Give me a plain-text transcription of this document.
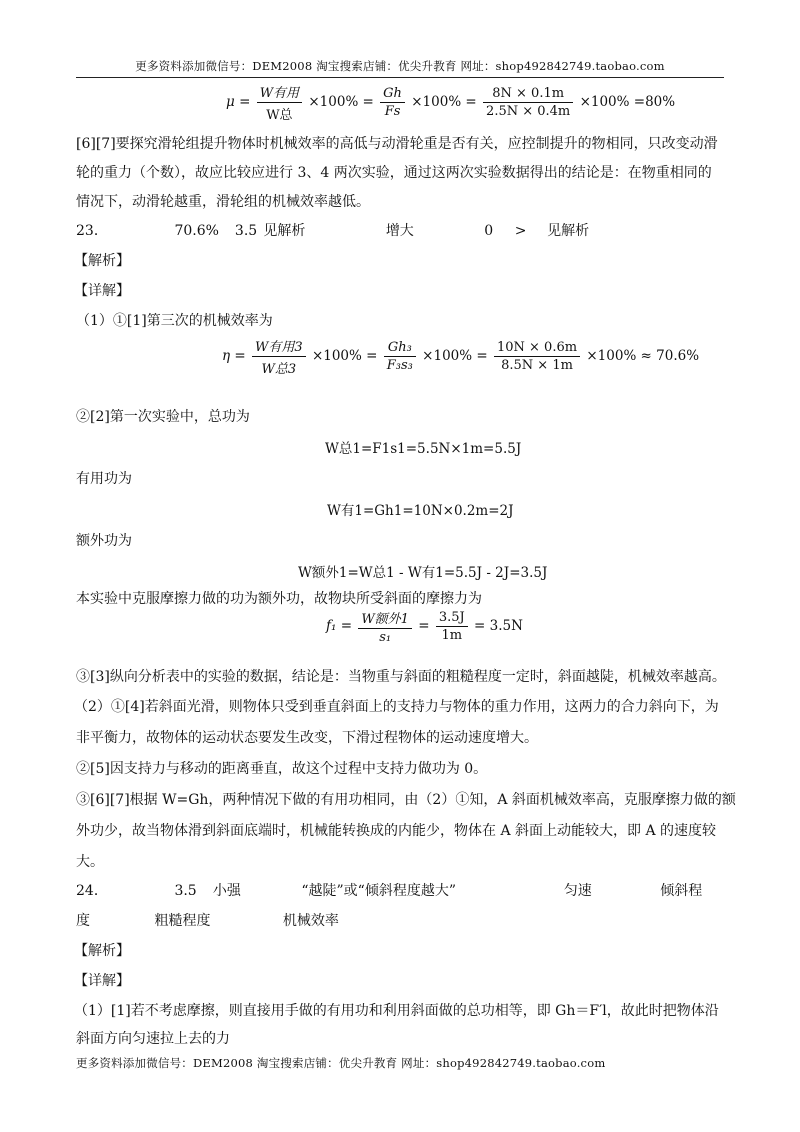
更多资料添加微信号：DEM2008 淘宝搜索店铺：优尖升教育 网址：shop492842749.taobao.com
$\mu = \frac{\text{W有用}}{\text{W总}} \times 100\% = \frac{Gh}{Fs} \times 100\% = \frac{8N \times 0.1m}{2.5N \times 0.4m} \times 100\% =80\%$
[6][7]要探究滑轮组提升物体时机械效率的高低与动滑轮重是否有关，应控制提升的物相同，只改变动滑
轮的重力（个数），故应比较应进行 3、4 两次实验，通过这两次实验数据得出的结论是：在物重相同的
情况下，动滑轮越重，滑轮组的机械效率越低。
23．	70.6% 3.5 见解析	增大	0 > 见解析
【解析】
【详解】
（1）①[1]第三次的机械效率为
$\eta = \frac{\text{W有用3}}{\text{W总3}} \times 100\% = \frac{\text{Gh₃}}{\text{F₃s₃}} \times 100\% = \frac{10N \times 0.6m}{8.5N \times 1m} \times 100\% \approx 70.6\%$
②[2]第一次实验中，总功为
W总1=F1s1=5.5N×1m=5.5J
有用功为
W有1=Gh1=10N×0.2m=2J
额外功为
W额外1=W总1 - W有1=5.5J - 2J=3.5J
本实验中克服摩擦力做的功为额外功，故物块所受斜面的摩擦力为
$f_1 = \frac{\text{W额外1}}{\text{s₁}} = \frac{3.5J}{1m} = 3.5N$
③[3]纵向分析表中的实验的数据，结论是：当物重与斜面的粗糙程度一定时，斜面越陡，机械效率越高。
（2）①[4]若斜面光滑，则物体只受到垂直斜面上的支持力与物体的重力作用，这两力的合力斜向下，为
非平衡力，故物体的运动状态要发生改变，下滑过程物体的运动速度增大。
②[5]因支持力与移动的距离垂直，故这个过程中支持力做功为 0。
③[6][7]根据 W=Gh，两种情况下做的有用功相同，由（2）①知，A 斜面机械效率高，克服摩擦力做的额
外功少，故当物体滑到斜面底端时，机械能转换成的内能少，物体在 A 斜面上动能较大，即 A 的速度较
大。
24．	3.5 小强	“越陡”或“倾斜程度越大”	匀速	倾斜程
度	粗糙程度	机械效率
【解析】
【详解】
（1）[1]若不考虑摩擦，则直接用手做的有用功和利用斜面做的总功相等，即 Gh＝F′l，故此时把物体沿
斜面方向匀速拉上去的力
更多资料添加微信号：DEM2008 淘宝搜索店铺：优尖升教育 网址：shop492842749.taobao.com
